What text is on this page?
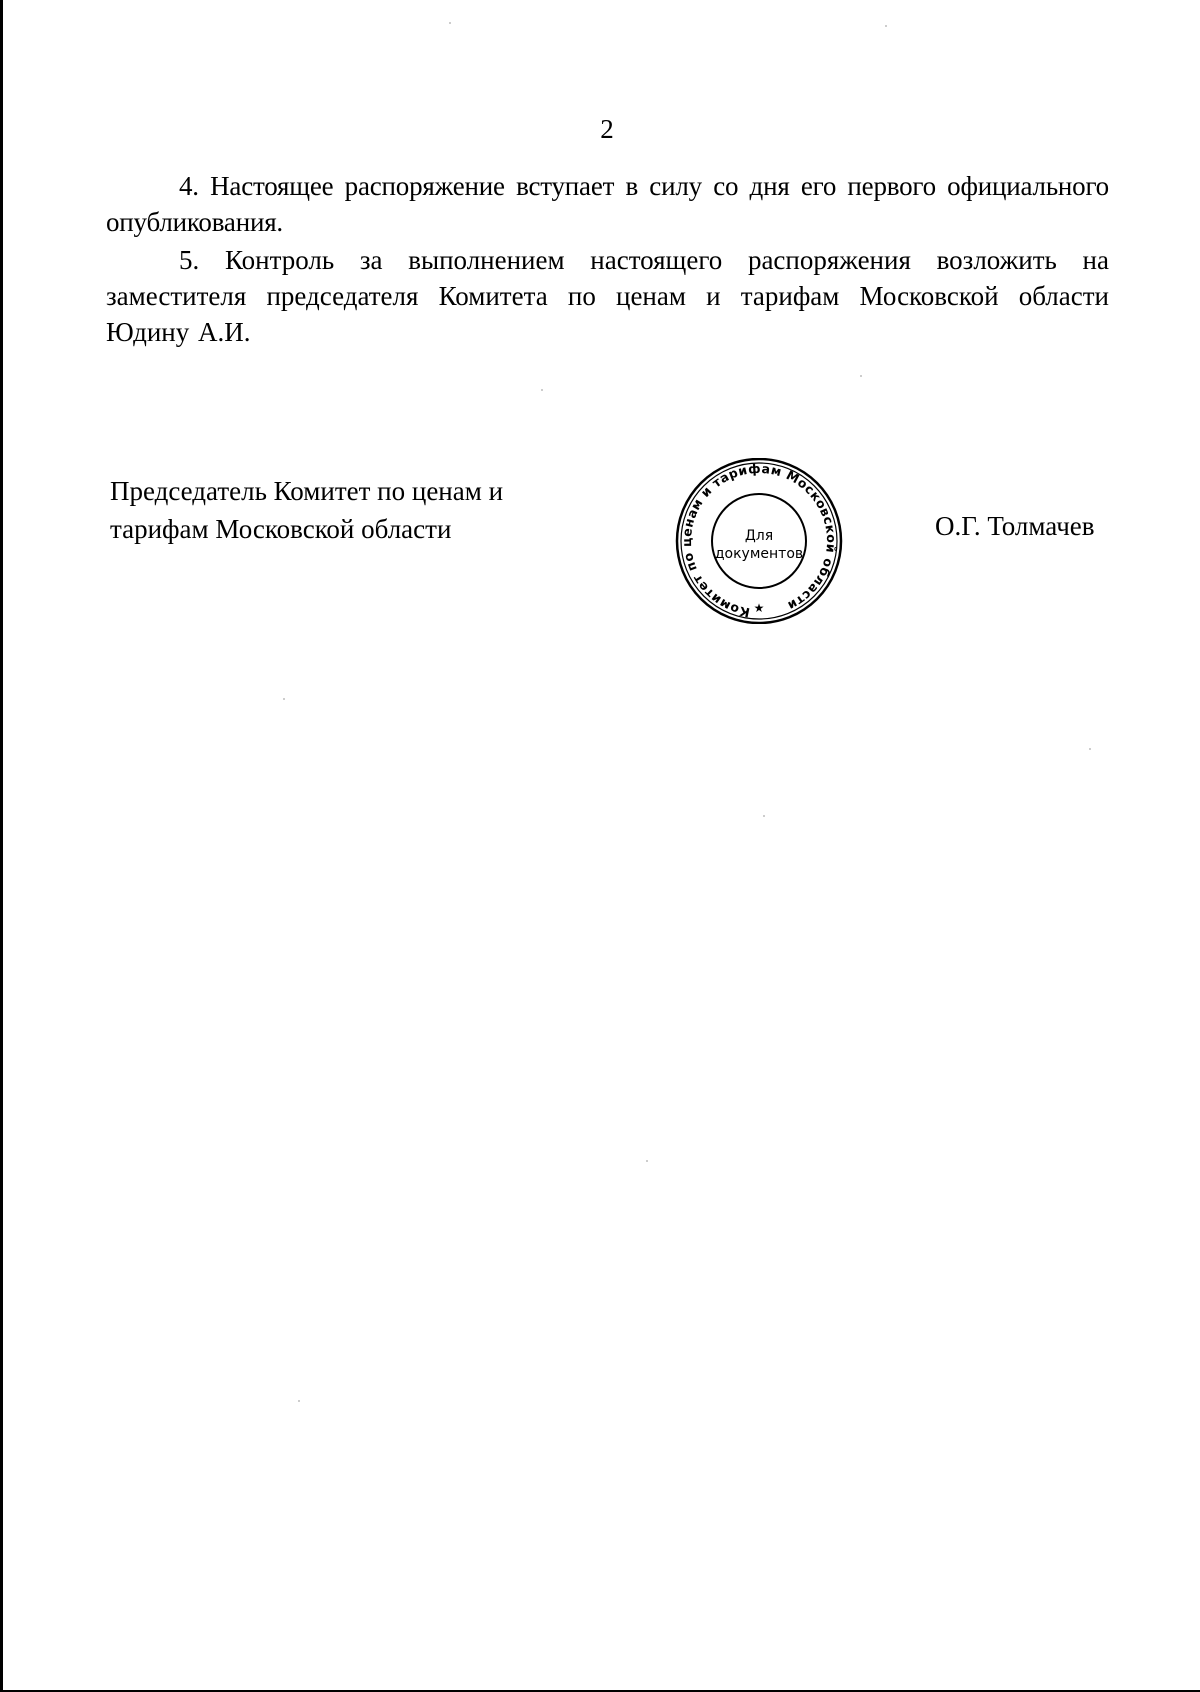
2

4. Настоящее распоряжение вступает в силу со дня его первого официального опубликования.

5. Контроль за выполнением настоящего распоряжения возложить на заместителя председателя Комитета по ценам и тарифам Московской области Юдину А.И.

Председатель Комитет по ценам и
тарифам Московской области
Комитет по ценам и тарифам Московской области
Для
документов
★
О.Г. Толмачев
